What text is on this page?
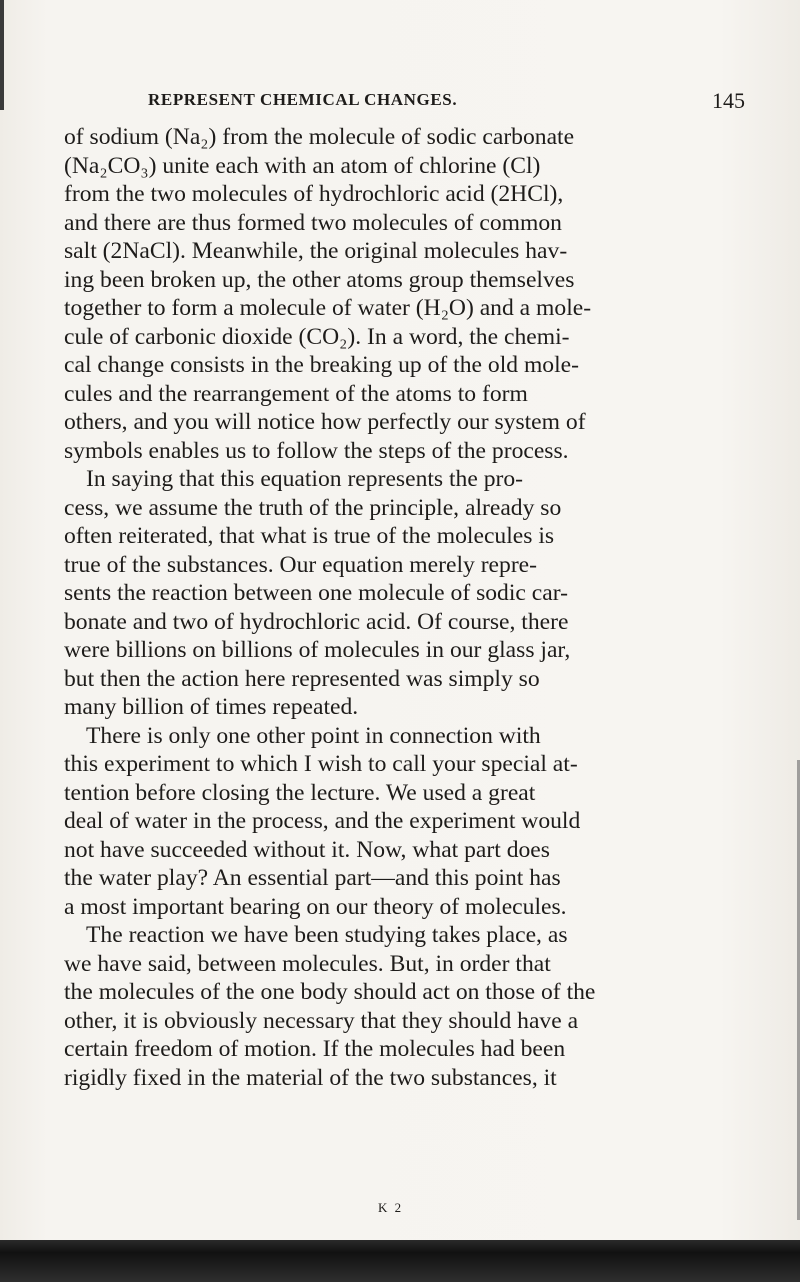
REPRESENT CHEMICAL CHANGES.	145
of sodium (Na₂) from the molecule of sodic carbonate
(Na₂CO₃) unite each with an atom of chlorine (Cl)
from the two molecules of hydrochloric acid (2HCl),
and there are thus formed two molecules of common
salt (2NaCl). Meanwhile, the original molecules hav-
ing been broken up, the other atoms group themselves
together to form a molecule of water (H₂O) and a mole-
cule of carbonic dioxide (CO₂). In a word, the chemi-
cal change consists in the breaking up of the old mole-
cules and the rearrangement of the atoms to form
others, and you will notice how perfectly our system of
symbols enables us to follow the steps of the process.
In saying that this equation represents the pro-
cess, we assume the truth of the principle, already so
often reiterated, that what is true of the molecules is
true of the substances. Our equation merely repre-
sents the reaction between one molecule of sodic car-
bonate and two of hydrochloric acid. Of course, there
were billions on billions of molecules in our glass jar,
but then the action here represented was simply so
many billion of times repeated.
There is only one other point in connection with
this experiment to which I wish to call your special at-
tention before closing the lecture. We used a great
deal of water in the process, and the experiment would
not have succeeded without it. Now, what part does
the water play? An essential part—and this point has
a most important bearing on our theory of molecules.
The reaction we have been studying takes place, as
we have said, between molecules. But, in order that
the molecules of the one body should act on those of the
other, it is obviously necessary that they should have a
certain freedom of motion. If the molecules had been
rigidly fixed in the material of the two substances, it
K 2
